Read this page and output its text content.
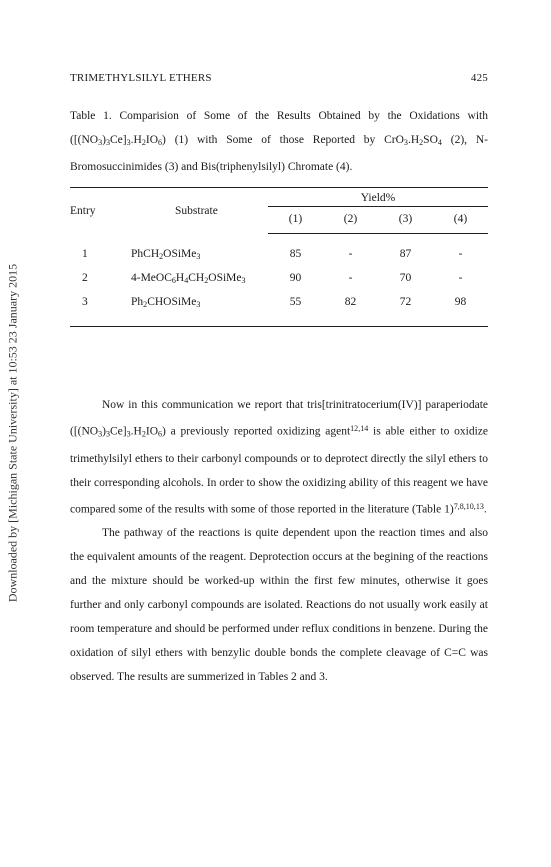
Downloaded by [Michigan State University] at 10:53 23 January 2015
TRIMETHYLSILYL ETHERS	425
Table 1. Comparision of Some of the Results Obtained by the Oxidations with $([(NO_3)_3Ce]_3.H_2IO_6)$ (1) with Some of those Reported by $CrO_3.H_2SO_4$ (2), N-Bromosuccinimides (3) and Bis(triphenylsilyl) Chromate (4).
Entry	Substrate	Yield%			
		(1)	(2)	(3)	(4)

1	PhCH$_2$OSiMe$_3$	85	-	87	-
2	$4-MeOC_6H_4CH_2OSiMe_3$	90	-	70	-
3	$Ph_2CHOSiMe_3$	55	82	72	98

Now in this communication we report that tris[trinitratocerium(IV)] paraperiodate $([(NO_3)_3Ce]_3.H_2IO_6)$ a previously reported oxidizing agent$^{12,14}$ is able either to oxidize trimethylsilyl ethers to their carbonyl compounds or to deprotect directly the silyl ethers to their corresponding alcohols. In order to show the oxidizing ability of this reagent we have compared some of the results with some of those reported in the literature (Table 1)$^{7,8,10,13}$.

The pathway of the reactions is quite dependent upon the reaction times and also the equivalent amounts of the reagent. Deprotection occurs at the begining of the reactions and the mixture should be worked-up within the first few minutes, otherwise it goes further and only carbonyl compounds are isolated. Reactions do not usually work easily at room temperature and should be performed under reflux conditions in benzene. During the oxidation of silyl ethers with benzylic double bonds the complete cleavage of C=C was observed. The results are summerized in Tables 2 and 3.
